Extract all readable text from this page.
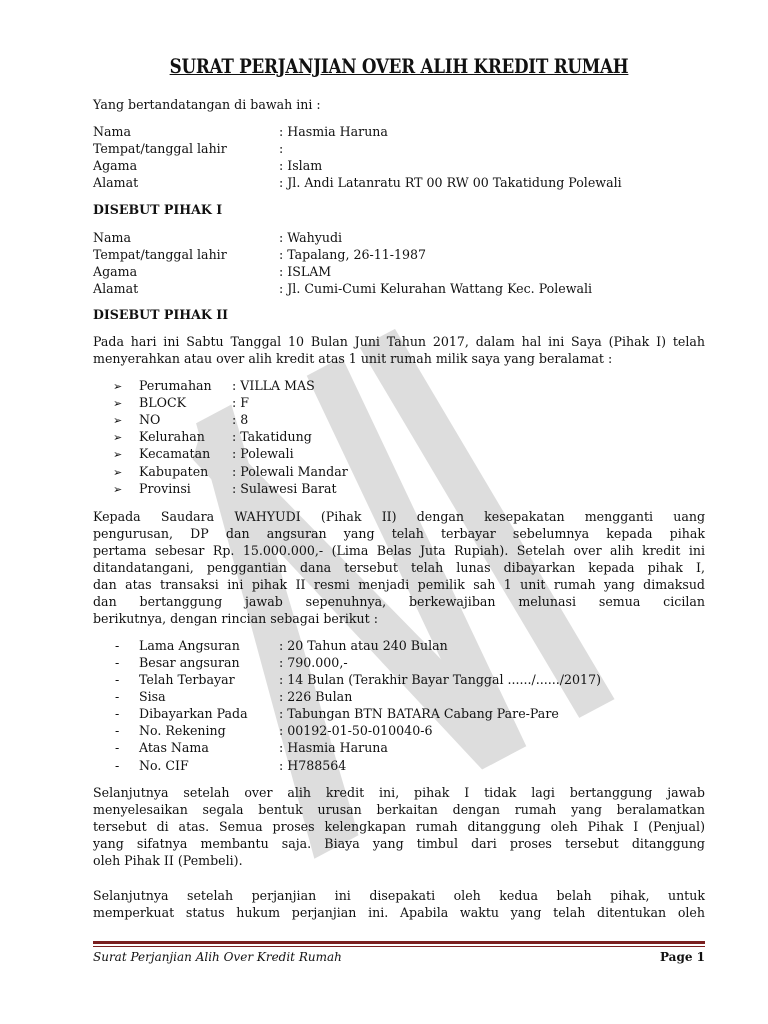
SURAT PERJANJIAN OVER ALIH KREDIT RUMAH
Yang bertandatangan di bawah ini :
Nama	: Hasmia Haruna
Tempat/tanggal lahir	:
Agama	: Islam
Alamat	: Jl. Andi Latanratu RT 00 RW 00 Takatidung Polewali
DISEBUT PIHAK I
Nama	: Wahyudi
Tempat/tanggal lahir	: Tapalang, 26-11-1987
Agama	: ISLAM
Alamat	: Jl. Cumi-Cumi Kelurahan Wattang Kec. Polewali
DISEBUT PIHAK II
Pada hari ini Sabtu Tanggal 10 Bulan Juni Tahun 2017, dalam hal ini Saya (Pihak I) telah
menyerahkan atau over alih kredit atas 1 unit rumah milik saya yang beralamat :
➢ Perumahan : VILLA MAS
➢ BLOCK	: F
➢ NO	: 8
➢ Kelurahan : Takatidung
➢ Kecamatan : Polewali
➢ Kabupaten : Polewali Mandar
➢ Provinsi	: Sulawesi Barat
Kepada Saudara WAHYUDI (Pihak II) dengan kesepakatan mengganti uang
pengurusan, DP dan angsuran yang telah terbayar sebelumnya kepada pihak
pertama sebesar Rp. 15.000.000,- (Lima Belas Juta Rupiah). Setelah over alih kredit ini
ditandatangani, penggantian dana tersebut telah lunas dibayarkan kepada pihak I,
dan atas transaksi ini pihak II resmi menjadi pemilik sah 1 unit rumah yang dimaksud
dan bertanggung jawab sepenuhnya, berkewajiban melunasi semua cicilan
berikutnya, dengan rincian sebagai berikut :
- Lama Angsuran	: 20 Tahun atau 240 Bulan
- Besar angsuran	: 790.000,-
- Telah Terbayar	: 14 Bulan (Terakhir Bayar Tanggal ....../....../2017)
- Sisa	: 226 Bulan
- Dibayarkan Pada : Tabungan BTN BATARA Cabang Pare-Pare
- No. Rekening	: 00192-01-50-010040-6
- Atas Nama	: Hasmia Haruna
- No. CIF	: H788564
Selanjutnya setelah over alih kredit ini, pihak I tidak lagi bertanggung jawab
menyelesaikan segala bentuk urusan berkaitan dengan rumah yang beralamatkan
tersebut di atas. Semua proses kelengkapan rumah ditanggung oleh Pihak I (Penjual)
yang sifatnya membantu saja. Biaya yang timbul dari proses tersebut ditanggung
oleh Pihak II (Pembeli).
Selanjutnya setelah perjanjian ini disepakati oleh kedua belah pihak, untuk
memperkuat status hukum perjanjian ini. Apabila waktu yang telah ditentukan oleh
Surat Perjanjian Alih Over Kredit Rumah	Page 1
